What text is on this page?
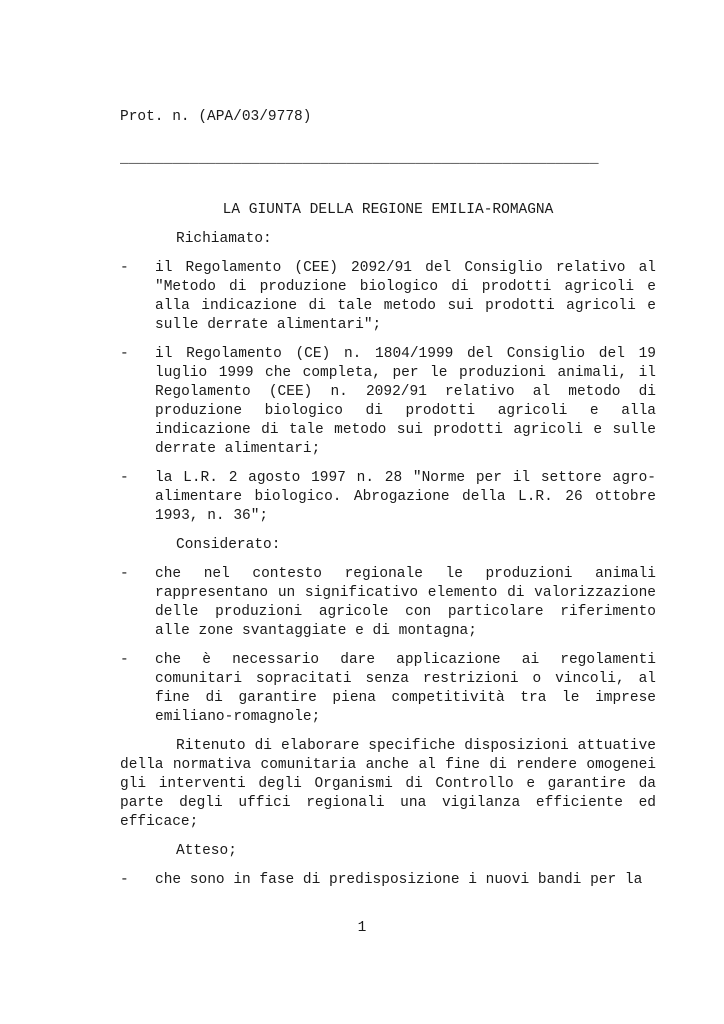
Prot. n. (APA/03/9778)
_______________________________________________________
LA GIUNTA DELLA REGIONE EMILIA-ROMAGNA
Richiamato:
-	il Regolamento (CEE) 2092/91 del Consiglio relativo al "Metodo di produzione biologico di prodotti agricoli e alla indicazione di tale metodo sui prodotti agricoli e sulle derrate alimentari";
-	il Regolamento (CE) n. 1804/1999 del Consiglio del 19 luglio 1999 che completa, per le produzioni animali, il Regolamento (CEE) n. 2092/91 relativo al metodo di produzione biologico di prodotti agricoli e alla indicazione di tale metodo sui prodotti agricoli e sulle derrate alimentari;
-	la L.R. 2 agosto 1997 n. 28 "Norme per il settore agro-alimentare biologico. Abrogazione della L.R. 26 ottobre 1993, n. 36";
Considerato:
-	che nel contesto regionale le produzioni animali rappresentano un significativo elemento di valorizzazione delle produzioni agricole con particolare riferimento alle zone svantaggiate e di montagna;
-	che è necessario dare applicazione ai regolamenti comunitari sopracitati senza restrizioni o vincoli, al fine di garantire piena competitività tra le imprese emiliano-romagnole;
Ritenuto di elaborare specifiche disposizioni attuative della normativa comunitaria anche al fine di rendere omogenei gli interventi degli Organismi di Controllo e garantire da parte degli uffici regionali una vigilanza efficiente ed efficace;
Atteso;
-	che sono in fase di predisposizione i nuovi bandi per la
1
